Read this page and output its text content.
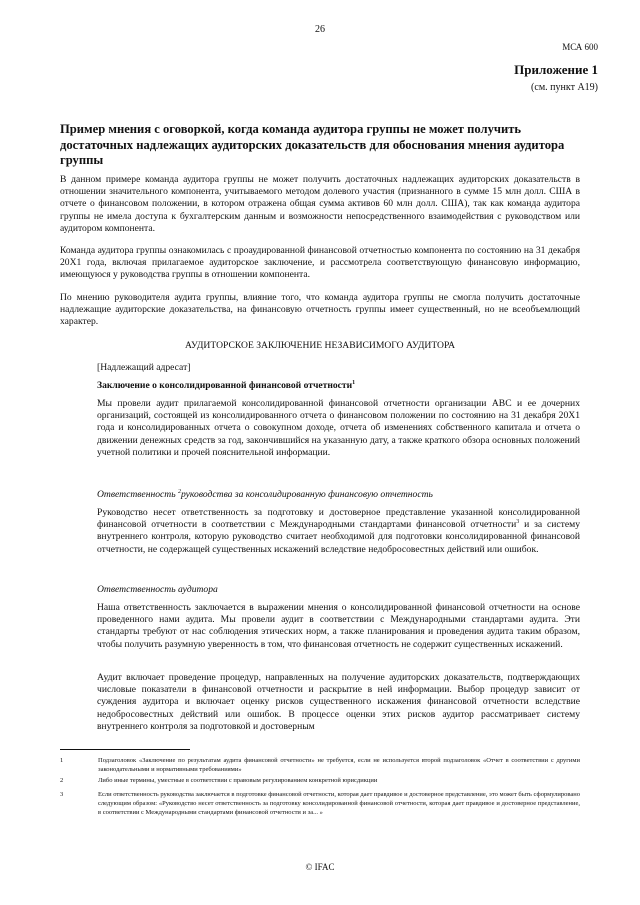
26
МСА 600
Приложение 1
(см. пункт A19)
Пример мнения с оговоркой, когда команда аудитора группы не может получить достаточных надлежащих аудиторских доказательств для обоснования мнения аудитора группы

В данном примере команда аудитора группы не может получить достаточных надлежащих аудиторских доказательств в отношении значительного компонента, учитываемого методом долевого участия (признанного в сумме 15 млн долл. США в отчете о финансовом положении, в котором отражена общая сумма активов 60 млн долл. США), так как команда аудитора группы не имела доступа к бухгалтерским данным и возможности непосредственного взаимодействия с руководством или аудитором компонента.

Команда аудитора группы ознакомилась с проаудированной финансовой отчетностью компонента по состоянию на 31 декабря 20X1 года, включая прилагаемое аудиторское заключение, и рассмотрела соответствующую финансовую информацию, имеющуюся у руководства группы в отношении компонента.

По мнению руководителя аудита группы, влияние того, что команда аудитора группы не смогла получить достаточные надлежащие аудиторские доказательства, на финансовую отчетность группы имеет существенный, но не всеобъемлющий характер.

АУДИТОРСКОЕ ЗАКЛЮЧЕНИЕ НЕЗАВИСИМОГО АУДИТОРА

[Надлежащий адресат]

Заключение о консолидированной финансовой отчетности$^1$

Мы провели аудит прилагаемой консолидированной финансовой отчетности организации ABC и ее дочерних организаций, состоящей из консолидированного отчета о финансовом положении по состоянию на 31 декабря 20X1 года и консолидированных отчета о совокупном доходе, отчета об изменениях собственного капитала и отчета о движении денежных средств за год, закончившийся на указанную дату, а также краткого обзора основных положений учетной политики и прочей пояснительной информации.

Ответственность $^2$руководства за консолидированную финансовую отчетность

Руководство несет ответственность за подготовку и достоверное представление указанной консолидированной финансовой отчетности в соответствии с Международными стандартами финансовой отчетности$^3$ и за систему внутреннего контроля, которую руководство считает необходимой для подготовки консолидированной финансовой отчетности, не содержащей существенных искажений вследствие недобросовестных действий или ошибок.

Ответственность аудитора

Наша ответственность заключается в выражении мнения о консолидированной финансовой отчетности на основе проведенного нами аудита. Мы провели аудит в соответствии с Международными стандартами аудита. Эти стандарты требуют от нас соблюдения этических норм, а также планирования и проведения аудита таким образом, чтобы получить разумную уверенность в том, что финансовая отчетность не содержит существенных искажений.

Аудит включает проведение процедур, направленных на получение аудиторских доказательств, подтверждающих числовые показатели в финансовой отчетности и раскрытие в ней информации. Выбор процедур зависит от суждения аудитора и включает оценку рисков существенного искажения финансовой отчетности вследствие недобросовестных действий или ошибок. В процессе оценки этих рисков аудитор рассматривает систему внутреннего контроля за подготовкой и достоверным

1	Подзаголовок «Заключение по результатам аудита финансовой отчетности» не требуется, если не используется второй подзаголовок «Отчет в соответствии с другими законодательными и нормативными требованиями»
2	Либо иные термины, уместные в соответствии с правовым регулированием конкретной юрисдикции
3	Если ответственность руководства заключается в подготовке финансовой отчетности, которая дает правдивое и достоверное представление, это может быть сформулировано следующим образом: «Руководство несет ответственность за подготовку консолидированной финансовой отчетности, которая дает правдивое и достоверное представление, в соответствии с Международными стандартами финансовой отчетности и за... »
© IFAC
